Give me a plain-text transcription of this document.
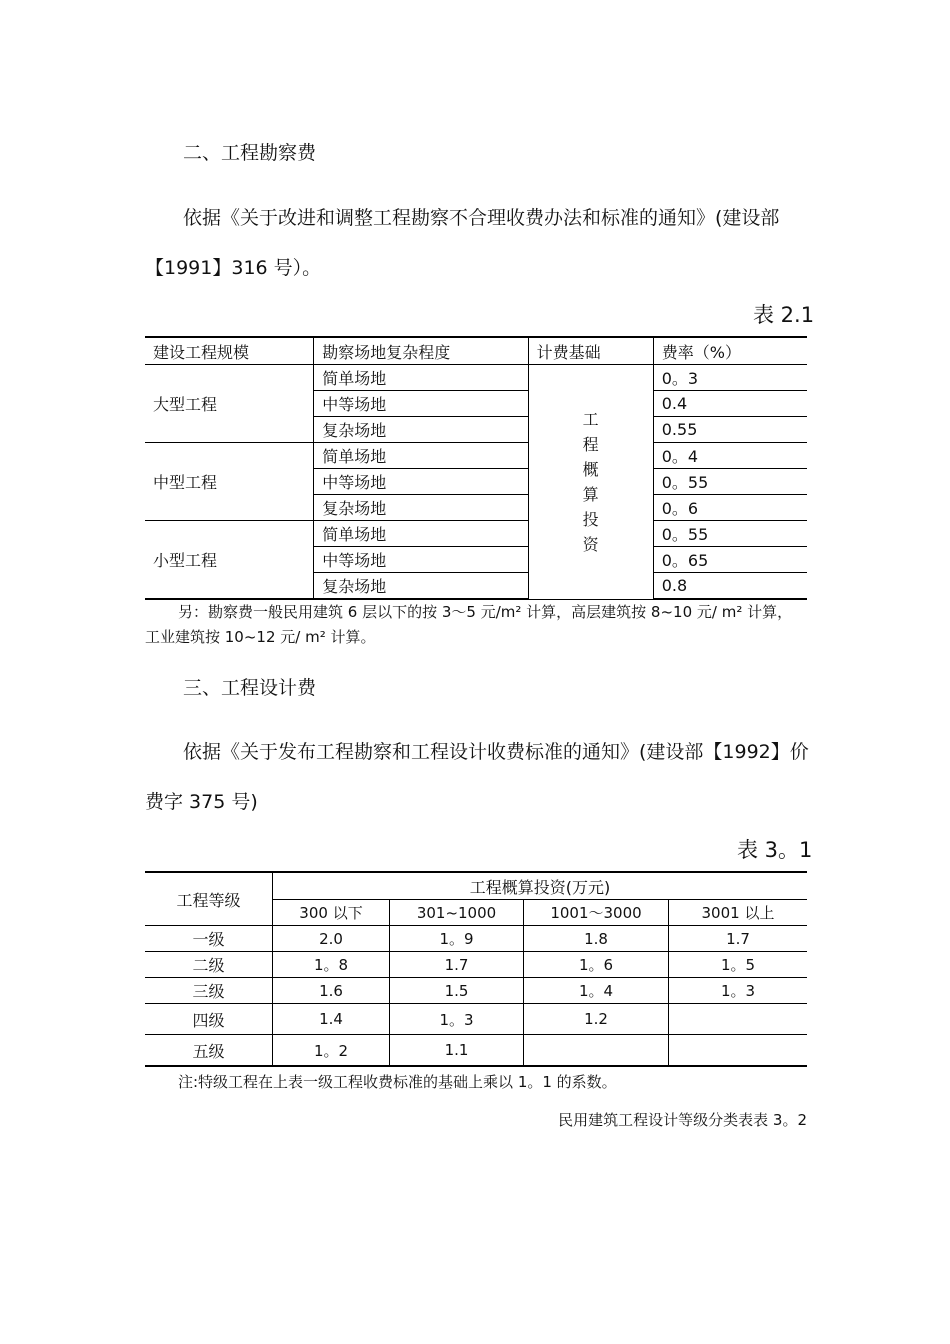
二、工程勘察费
依据《关于改进和调整工程勘察不合理收费办法和标准的通知》(建设部
【1991】316 号）。
表 2.1
建设工程规模	勘察场地复杂程度	计费基础	费率（%）
大型工程	简单场地	工程概算投资	0。3
	中等场地		0.4
	复杂场地		0.55
中型工程	简单场地		0。4
	中等场地		0。55
	复杂场地		0。6
小型工程	简单场地		0。55
	中等场地		0。65
	复杂场地		0.8
另：勘察费一般民用建筑 6 层以下的按 3～5 元/m² 计算，高层建筑按 8~10 元/ m² 计算，
工业建筑按 10~12 元/ m² 计算。
三、工程设计费
依据《关于发布工程勘察和工程设计收费标准的通知》(建设部【1992】价
费字 375 号)
表 3。1
工程等级	工程概算投资(万元)			
	300 以下	301~1000	1001～3000	3001 以上
一级	2.0	1。9	1.8	1.7
二级	1。8	1.7	1。6	1。5
三级	1.6	1.5	1。4	1。3
四级	1.4	1。3	1.2	
五级	1。2	1.1		
注:特级工程在上表一级工程收费标准的基础上乘以 1。1 的系数。
民用建筑工程设计等级分类表表 3。2
